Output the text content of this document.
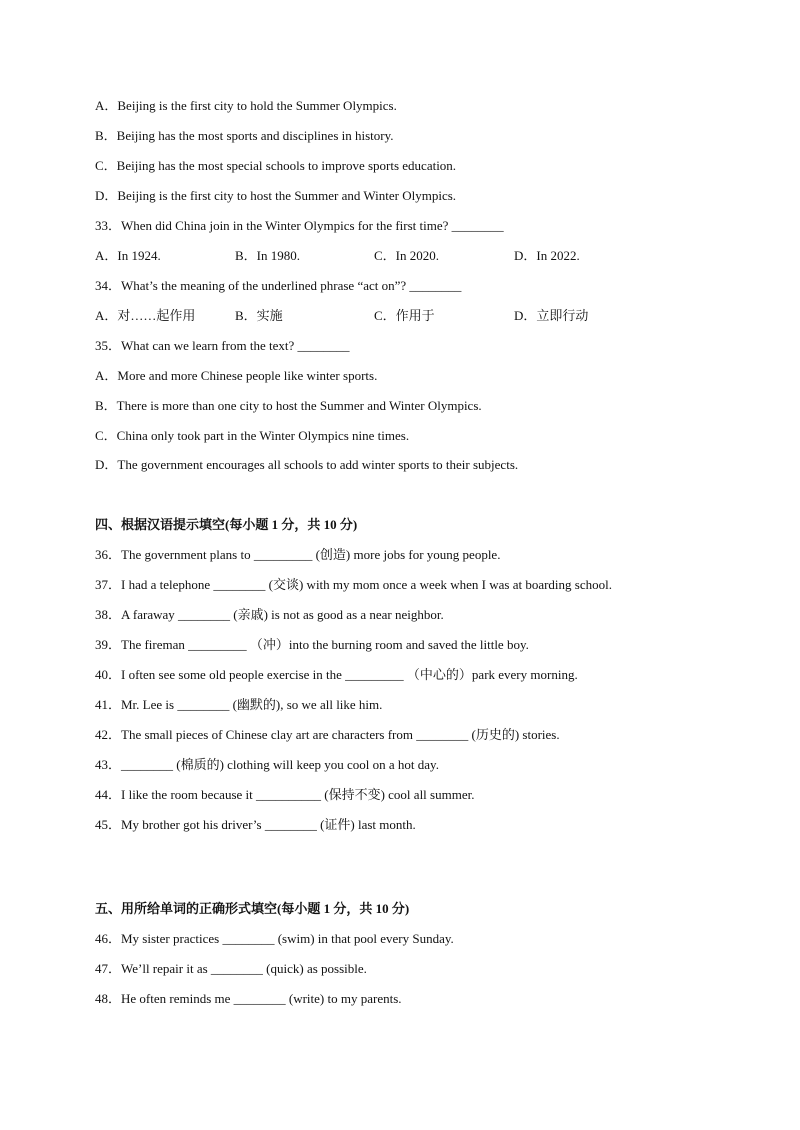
A．Beijing is the first city to hold the Summer Olympics.
B．Beijing has the most sports and disciplines in history.
C．Beijing has the most special schools to improve sports education.
D．Beijing is the first city to host the Summer and Winter Olympics.
33．When did China join in the Winter Olympics for the first time? ________
A．In 1924.	B．In 1980.	C．In 2020.	D．In 2022.
34．What’s the meaning of the underlined phrase “act on”? ________
A．对……起作用	B．实施	C．作用于	D．立即行动
35．What can we learn from the text? ________
A．More and more Chinese people like winter sports.
B．There is more than one city to host the Summer and Winter Olympics.
C．China only took part in the Winter Olympics nine times.
D．The government encourages all schools to add winter sports to their subjects.
四、根据汉语提示填空(每小题 1 分，共 10 分)
36．The government plans to _________ (创造) more jobs for young people.
37．I had a telephone ________ (交谈) with my mom once a week when I was at boarding school.
38．A faraway ________ (亲戚) is not as good as a near neighbor.
39．The fireman _________ （冲）into the burning room and saved the little boy.
40．I often see some old people exercise in the _________ （中心的）park every morning.
41．Mr. Lee is ________ (幽默的), so we all like him.
42．The small pieces of Chinese clay art are characters from ________ (历史的) stories.
43．________ (棉质的) clothing will keep you cool on a hot day.
44．I like the room because it __________ (保持不变) cool all summer.
45．My brother got his driver’s ________ (证件) last month.
五、用所给单词的正确形式填空(每小题 1 分，共 10 分)
46．My sister practices ________ (swim) in that pool every Sunday.
47．We’ll repair it as ________ (quick) as possible.
48．He often reminds me ________ (write) to my parents.
